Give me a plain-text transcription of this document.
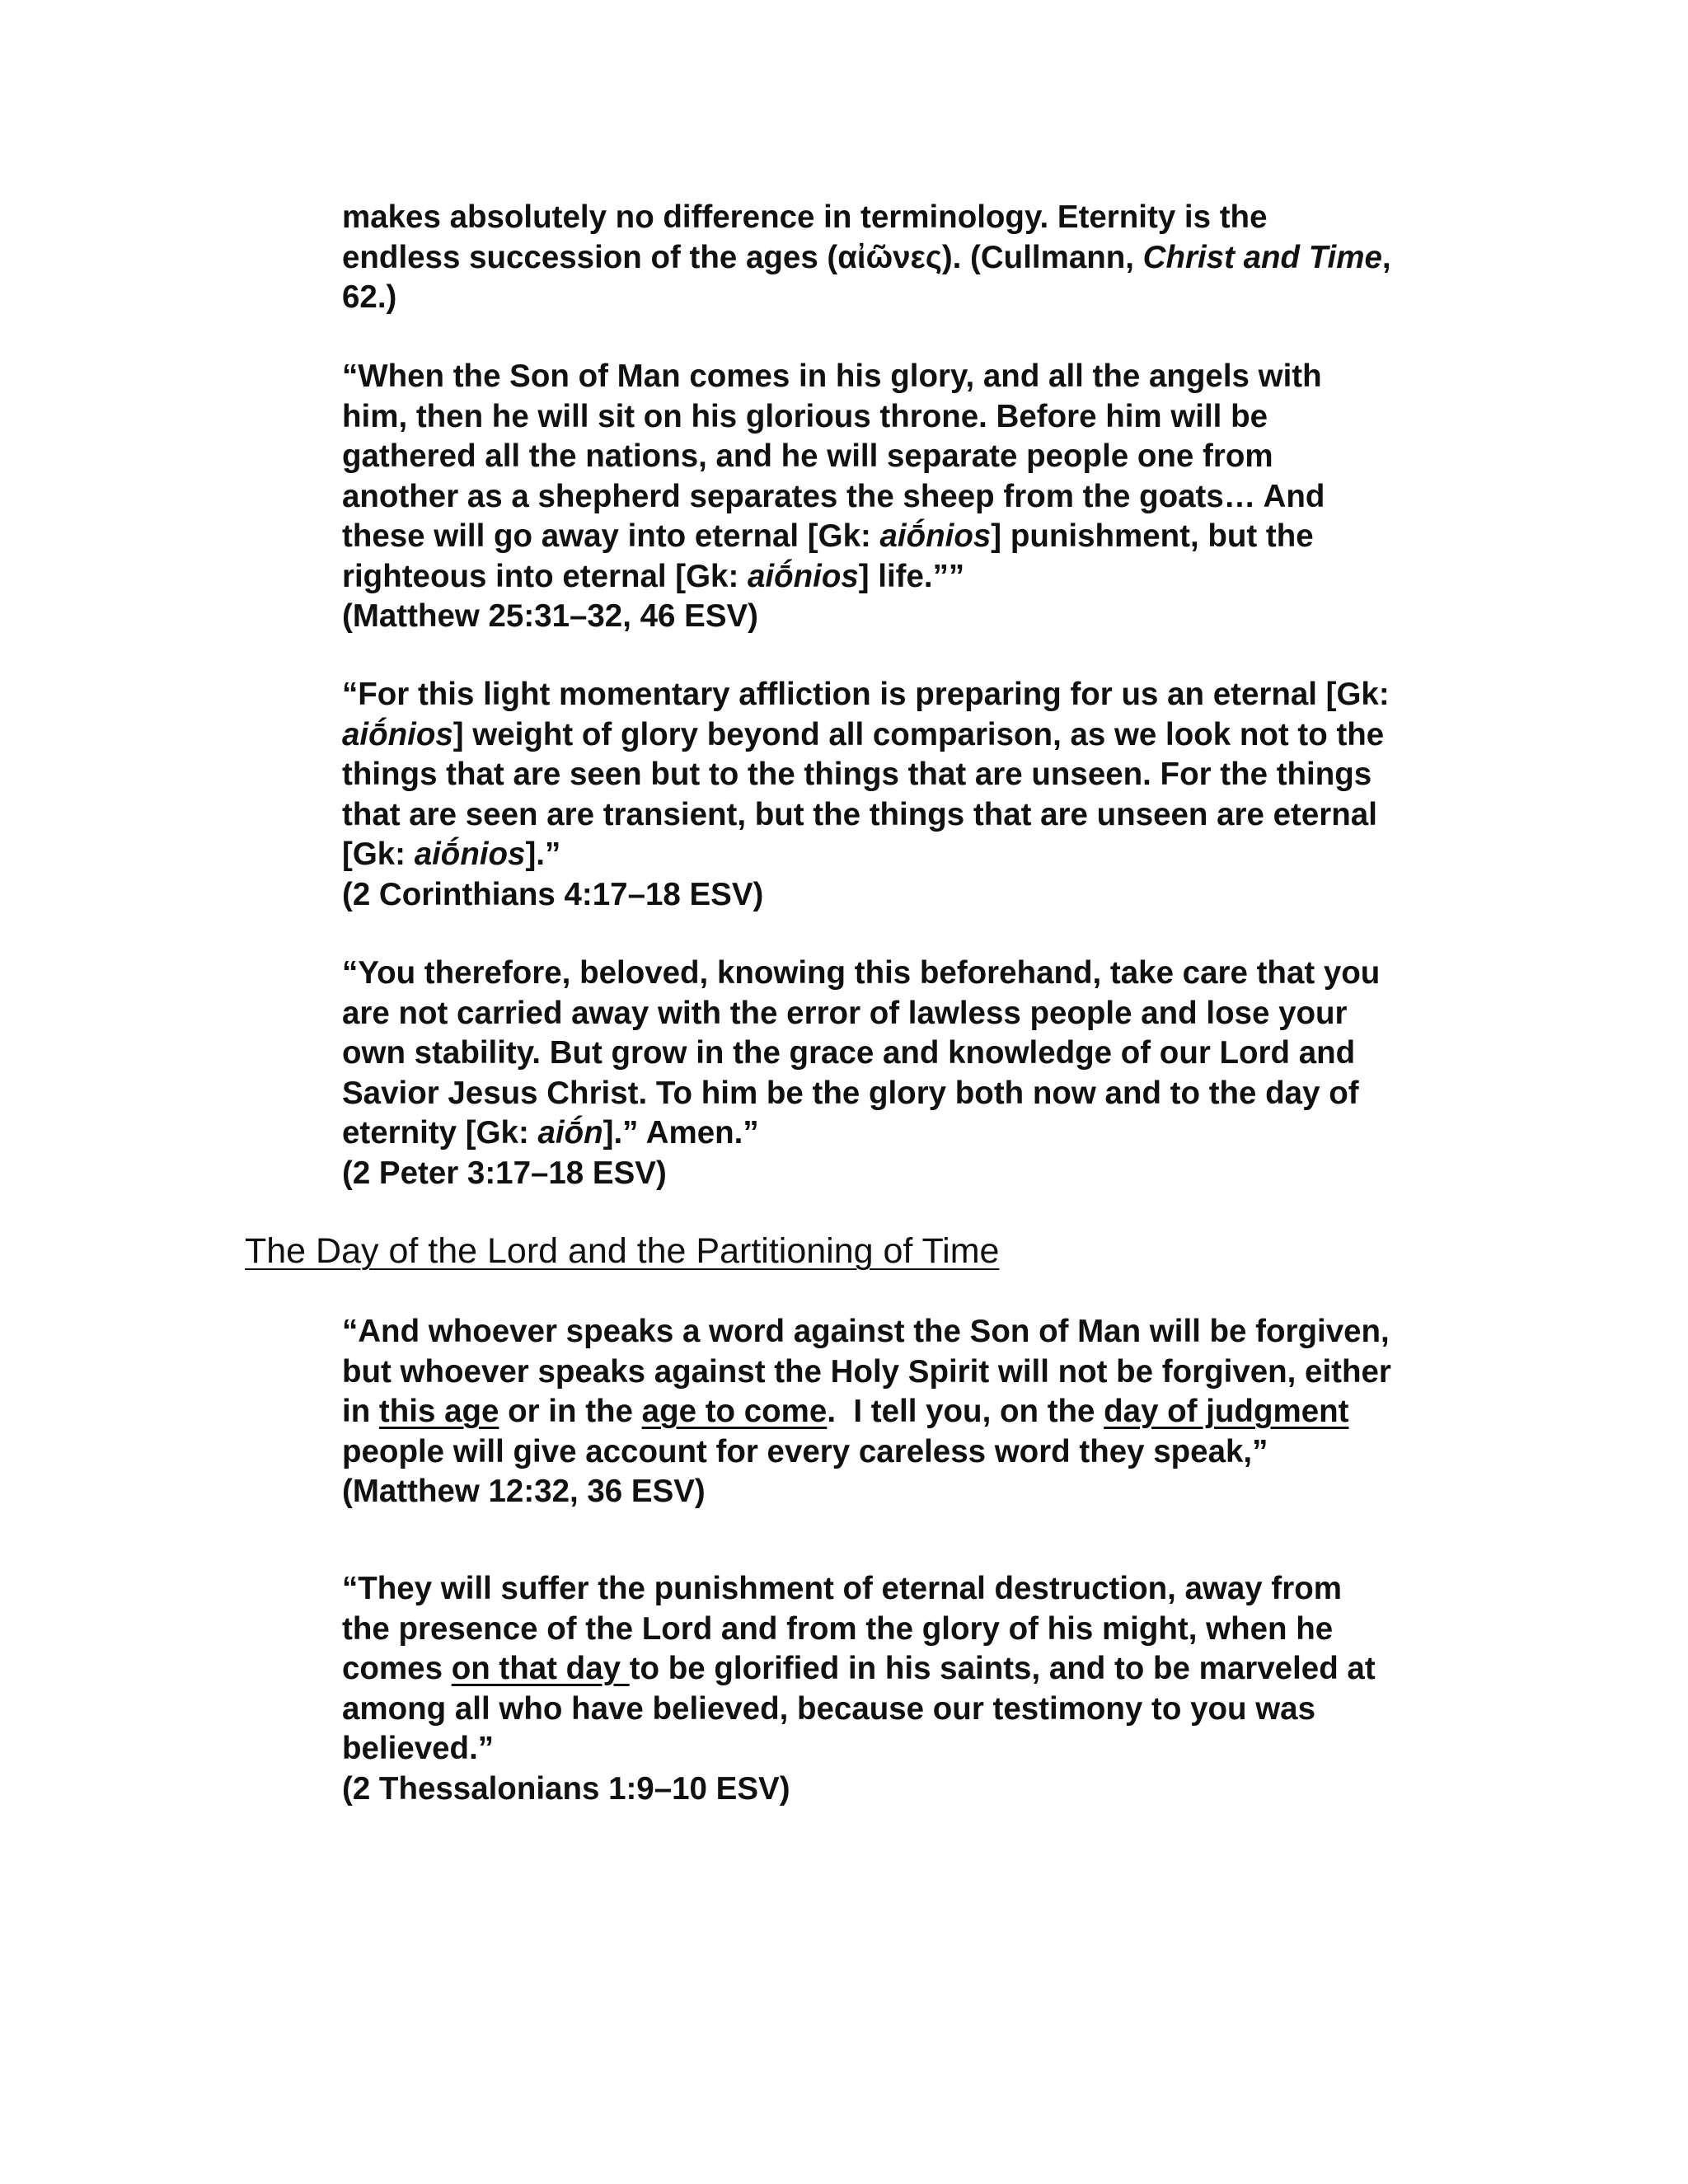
makes absolutely no difference in terminology. Eternity is the
endless succession of the ages (αἰῶνες). (Cullmann, Christ and Time,
62.)
“When the Son of Man comes in his glory, and all the angels with
him, then he will sit on his glorious throne. Before him will be
gathered all the nations, and he will separate people one from
another as a shepherd separates the sheep from the goats… And
these will go away into eternal [Gk: aiṓnios] punishment, but the
righteous into eternal [Gk: aiṓnios] life.””
(Matthew 25:31–32, 46 ESV)
“For this light momentary affliction is preparing for us an eternal [Gk:
aiṓnios] weight of glory beyond all comparison, as we look not to the
things that are seen but to the things that are unseen. For the things
that are seen are transient, but the things that are unseen are eternal
[Gk: aiṓnios].”
(2 Corinthians 4:17–18 ESV)
“You therefore, beloved, knowing this beforehand, take care that you
are not carried away with the error of lawless people and lose your
own stability. But grow in the grace and knowledge of our Lord and
Savior Jesus Christ. To him be the glory both now and to the day of
eternity [Gk: aiṓn].” Amen.”
(2 Peter 3:17–18 ESV)
The Day of the Lord and the Partitioning of Time
“And whoever speaks a word against the Son of Man will be forgiven,
but whoever speaks against the Holy Spirit will not be forgiven, either
in this age or in the age to come.  I tell you, on the day of judgment
people will give account for every careless word they speak,”
(Matthew 12:32, 36 ESV)
“They will suffer the punishment of eternal destruction, away from
the presence of the Lord and from the glory of his might, when he
comes on that day to be glorified in his saints, and to be marveled at
among all who have believed, because our testimony to you was
believed.”
(2 Thessalonians 1:9–10 ESV)
